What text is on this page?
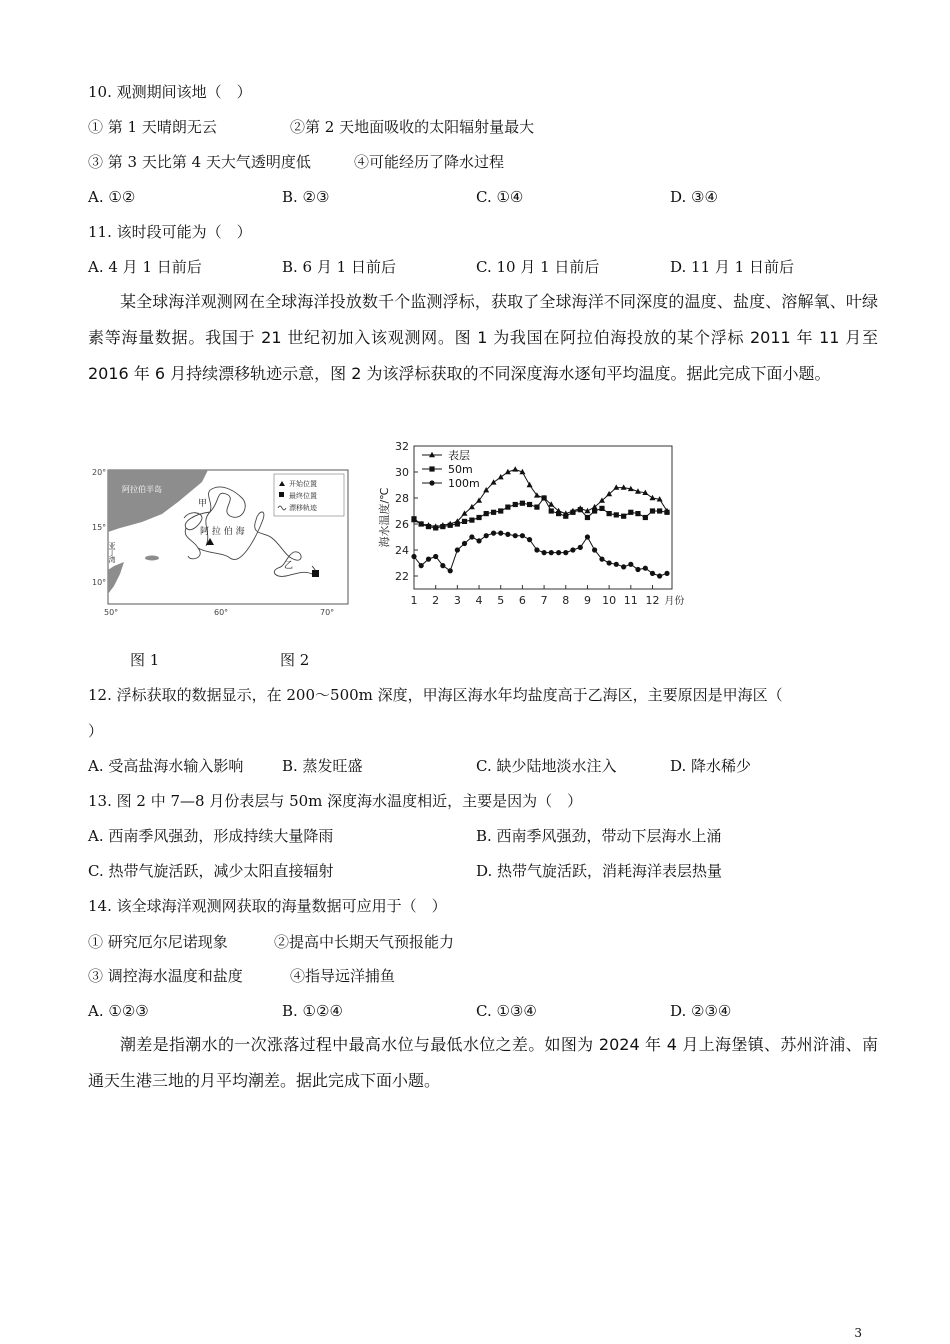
10. 观测期间该地（　）
① 第 1 天晴朗无云	②第 2 天地面吸收的太阳辐射量最大
③ 第 3 天比第 4 天大气透明度低	④可能经历了降水过程
A. ①②	B. ②③	C. ①④	D. ③④
11. 该时段可能为（　）
A. 4 月 1 日前后	B. 6 月 1 日前后	C. 10 月 1 日前后	D. 11 月 1 日前后
某全球海洋观测网在全球海洋投放数千个监测浮标，获取了全球海洋不同深度的温度、盐度、溶解氧、叶绿素等海量数据。我国于 21 世纪初加入该观测网。图 1 为我国在阿拉伯海投放的某个浮标 2011 年 11 月至 2016 年 6 月持续漂移轨迹示意，图 2 为该浮标获取的不同深度海水逐旬平均温度。据此完成下面小题。
阿拉伯半岛
亚丁湾
阿 拉 伯 海
甲
乙
开始位置
最终位置
漂移轨迹
20°
15°
10°
50°	60°	70°
22
24
26
28
30
32
1 2 3 4 5 6 7 8 9 10 11 12 月份
海水温度/℃
表层
50m
100m
图 1	图 2
12. 浮标获取的数据显示，在 200～500m 深度，甲海区海水年均盐度高于乙海区，主要原因是甲海区（
）
A. 受高盐海水输入影响	B. 蒸发旺盛	C. 缺少陆地淡水注入	D. 降水稀少
13. 图 2 中 7—8 月份表层与 50m 深度海水温度相近，主要是因为（　）
A. 西南季风强劲，形成持续大量降雨	B. 西南季风强劲，带动下层海水上涌
C. 热带气旋活跃，减少太阳直接辐射	D. 热带气旋活跃，消耗海洋表层热量
14. 该全球海洋观测网获取的海量数据可应用于（　）
① 研究厄尔尼诺现象	②提高中长期天气预报能力
③ 调控海水温度和盐度	④指导远洋捕鱼
A. ①②③	B. ①②④	C. ①③④	D. ②③④
潮差是指潮水的一次涨落过程中最高水位与最低水位之差。如图为 2024 年 4 月上海堡镇、苏州浒浦、南通天生港三地的月平均潮差。据此完成下面小题。
3
